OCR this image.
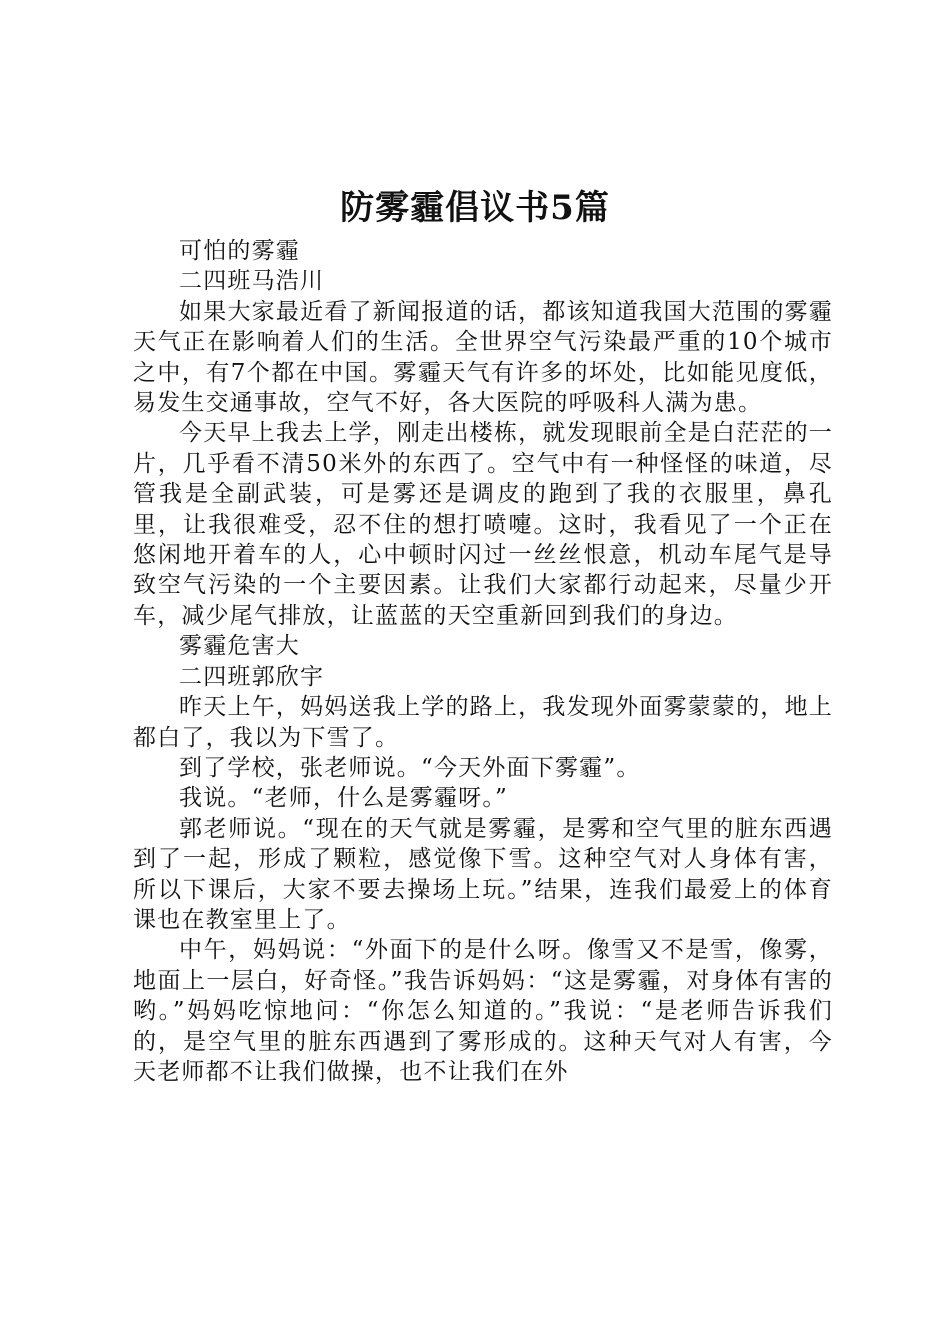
防雾霾倡议书5篇

可怕的雾霾

二四班马浩川

如果大家最近看了新闻报道的话，都该知道我国大范围的雾霾天气正在影响着人们的生活。全世界空气污染最严重的10个城市之中，有7个都在中国。雾霾天气有许多的坏处，比如能见度低，易发生交通事故，空气不好，各大医院的呼吸科人满为患。

今天早上我去上学，刚走出楼栋，就发现眼前全是白茫茫的一片，几乎看不清50米外的东西了。空气中有一种怪怪的味道，尽管我是全副武装，可是雾还是调皮的跑到了我的衣服里，鼻孔里，让我很难受，忍不住的想打喷嚏。这时，我看见了一个正在悠闲地开着车的人，心中顿时闪过一丝丝恨意，机动车尾气是导致空气污染的一个主要因素。让我们大家都行动起来，尽量少开车，减少尾气排放，让蓝蓝的天空重新回到我们的身边。

雾霾危害大

二四班郭欣宇

昨天上午，妈妈送我上学的路上，我发现外面雾蒙蒙的，地上都白了，我以为下雪了。

到了学校，张老师说。“今天外面下雾霾”。

我说。“老师，什么是雾霾呀。”

郭老师说。“现在的天气就是雾霾，是雾和空气里的脏东西遇到了一起，形成了颗粒，感觉像下雪。这种空气对人身体有害，所以下课后，大家不要去操场上玩。”结果，连我们最爱上的体育课也在教室里上了。

中午，妈妈说：“外面下的是什么呀。像雪又不是雪，像雾，地面上一层白，好奇怪。”我告诉妈妈：“这是雾霾，对身体有害的哟。”妈妈吃惊地问：“你怎么知道的。”我说：“是老师告诉我们的，是空气里的脏东西遇到了雾形成的。这种天气对人有害，今天老师都不让我们做操，也不让我们在外
